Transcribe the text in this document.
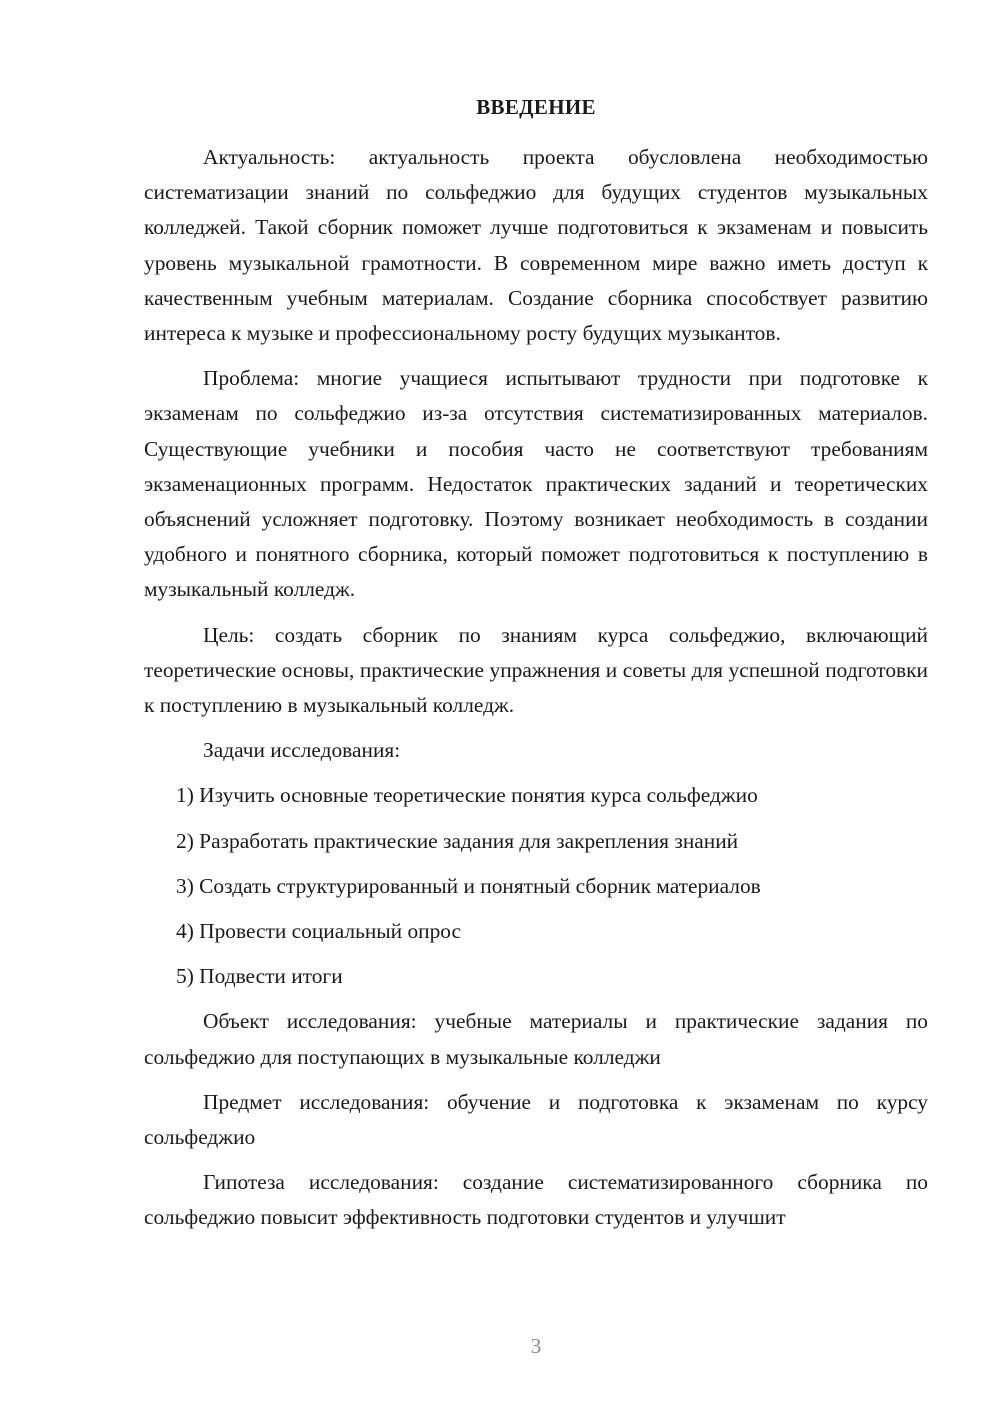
ВВЕДЕНИЕ

Актуальность: актуальность проекта обусловлена необходимостью систематизации знаний по сольфеджио для будущих студентов музыкальных колледжей. Такой сборник поможет лучше подготовиться к экзаменам и повысить уровень музыкальной грамотности. В современном мире важно иметь доступ к качественным учебным материалам. Создание сборника способствует развитию интереса к музыке и профессиональному росту будущих музыкантов.

Проблема: многие учащиеся испытывают трудности при подготовке к экзаменам по сольфеджио из-за отсутствия систематизированных материалов. Существующие учебники и пособия часто не соответствуют требованиям экзаменационных программ. Недостаток практических заданий и теоретических объяснений усложняет подготовку. Поэтому возникает необходимость в создании удобного и понятного сборника, который поможет подготовиться к поступлению в музыкальный колледж.

Цель: создать сборник по знаниям курса сольфеджио, включающий теоретические основы, практические упражнения и советы для успешной подготовки к поступлению в музыкальный колледж.

Задачи исследования:

1) Изучить основные теоретические понятия курса сольфеджио

2) Разработать практические задания для закрепления знаний

3) Создать структурированный и понятный сборник материалов

4) Провести социальный опрос

5) Подвести итоги

Объект исследования: учебные материалы и практические задания по сольфеджио для поступающих в музыкальные колледжи

Предмет исследования: обучение и подготовка к экзаменам по курсу сольфеджио

Гипотеза исследования: создание систематизированного сборника по сольфеджио повысит эффективность подготовки студентов и улучшит

3
